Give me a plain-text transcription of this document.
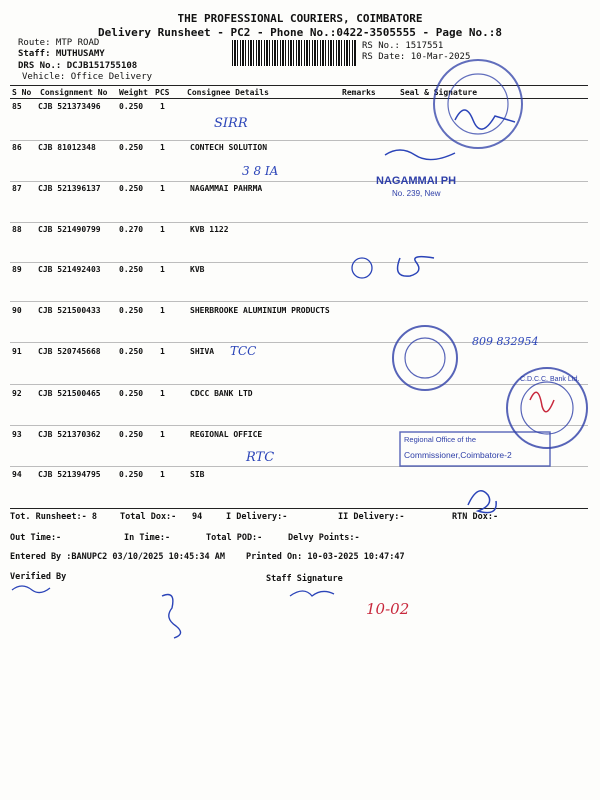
THE PROFESSIONAL COURIERS, COIMBATORE
Delivery Runsheet - PC2 - Phone No.:0422-3505555 - Page No.:8
Route: MTP ROAD
Staff: MUTHUSAMY
DRS No.: DCJB151755108
Vehicle: Office Delivery
RS No.: 1517551
RS Date: 10-Mar-2025
S No Consignment No Weight PCS Consignee Details	Remarks	Seal & Signature
85 CJB 521373496 0.250 1
86 CJB 81012348	0.250 1	CONTECH SOLUTION
87 CJB 521396137 0.250 1	NAGAMMAI PAHRMA
88 CJB 521490799 0.270 1	KVB 1122
89 CJB 521492403 0.250 1	KVB
90 CJB 521500433 0.250 1	SHERBROOKE ALUMINIUM PRODUCTS
91 CJB 520745668 0.250 1	SHIVA
92 CJB 521500465 0.250 1	CDCC BANK LTD
93 CJB 521370362 0.250 1	REGIONAL OFFICE
94 CJB 521394795 0.250 1	SIB
SIRR
3 8 IA
TCC
RTC
10-02
NAGAMMAI PH
No. 239, New
809 832954
Regional Office of the
Commissioner,Coimbatore-2
C.D.C.C. Bank Ltd.
Tot. Runsheet:- 8	Total Dox:- 94	I Delivery:-	II Delivery:-	RTN Dox:-
Out Time:-	In Time:-	Total POD:-	Delvy Points:-
Entered By :BANUPC2 03/10/2025 10:45:34 AM Printed On: 10-03-2025 10:47:47
Verified By	Staff Signature
